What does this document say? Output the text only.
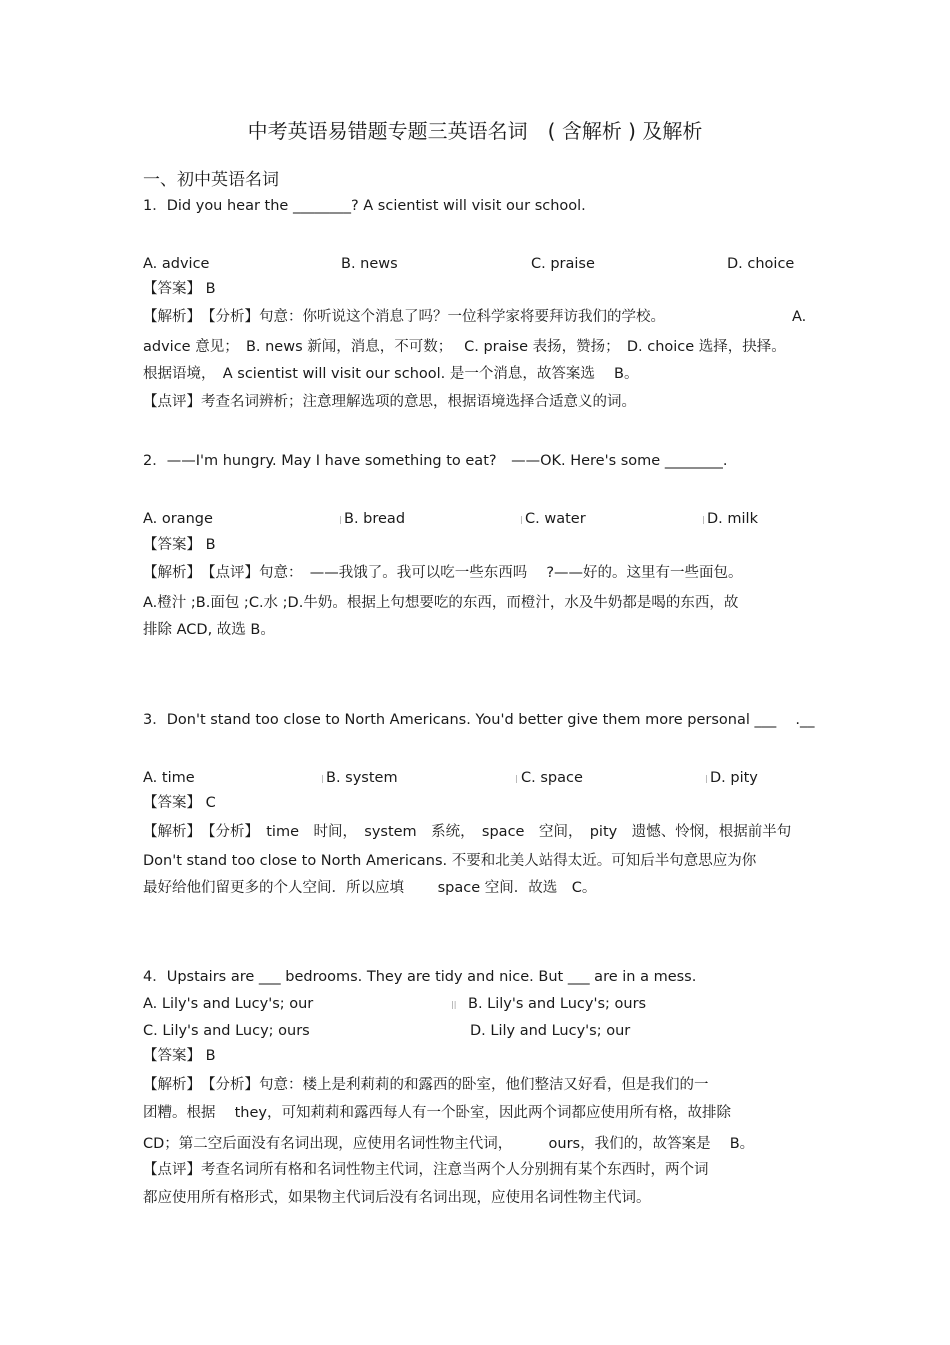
中考英语易错题专题三英语名词　( 含解析 ) 及解析
一、初中英语名词
1．Did you hear the ________? A scientist will visit our school.
A. advice	B. news	C. praise	D. choice
【答案】 B
【解析】　【分析】句意：你听说这个消息了吗？一位科学家将要拜访我们的学校。	A.
advice 意见；　B. news 新闻，消息，不可数；　 C. praise 表扬，赞扬；　D. choice 选择，抉择。
根据语境，　A scientist will visit our school. 是一个消息，故答案选　 B。
【点评】考查名词辨析；注意理解选项的意思，根据语境选择合适意义的词。
2．——I'm hungry. May I have something to eat?　——OK. Here's some ________.
A. orange	| B. bread	| C. water	| D. milk
【答案】 B
【解析】　【点评】句意：　——我饿了。我可以吃一些东西吗　 ?——好的。这里有一些面包。
A.橙汁 ;B.面包 ;C.水 ;D.牛奶。根据上句想要吃的东西，而橙汁，水及牛奶都是喝的东西，故
排除 ACD, 故选 B。
3．Don't stand too close to North Americans. You'd better give them more personal ___　 .__
A. time	| B. system	| C. space	| D. pity
【答案】 C
【解析】　【分析】　time　时间，　system　系统，　space　空间，　pity　遗憾、怜悯，根据前半句
Don't stand too close to North Americans. 不要和北美人站得太近。可知后半句意思应为你
最好给他们留更多的个人空间．所以应填　　 space 空间．故选　C。
4．Upstairs are ___ bedrooms. They are tidy and nice. But ___ are in a mess.
A. Lily's and Lucy's; our	|| B. Lily's and Lucy's; ours
C. Lily's and Lucy; ours	D. Lily and Lucy's; our
【答案】 B
【解析】　【分析】句意：楼上是利莉莉的和露西的卧室，他们整洁又好看，但是我们的一
团糟。根据　 they，可知莉莉和露西每人有一个卧室，因此两个词都应使用所有格，故排除
CD；第二空后面没有名词出现，应使用名词性物主代词，　　　ours，我们的，故答案是　 B。
【点评】考查名词所有格和名词性物主代词，注意当两个人分别拥有某个东西时，两个词
都应使用所有格形式，如果物主代词后没有名词出现，应使用名词性物主代词。
